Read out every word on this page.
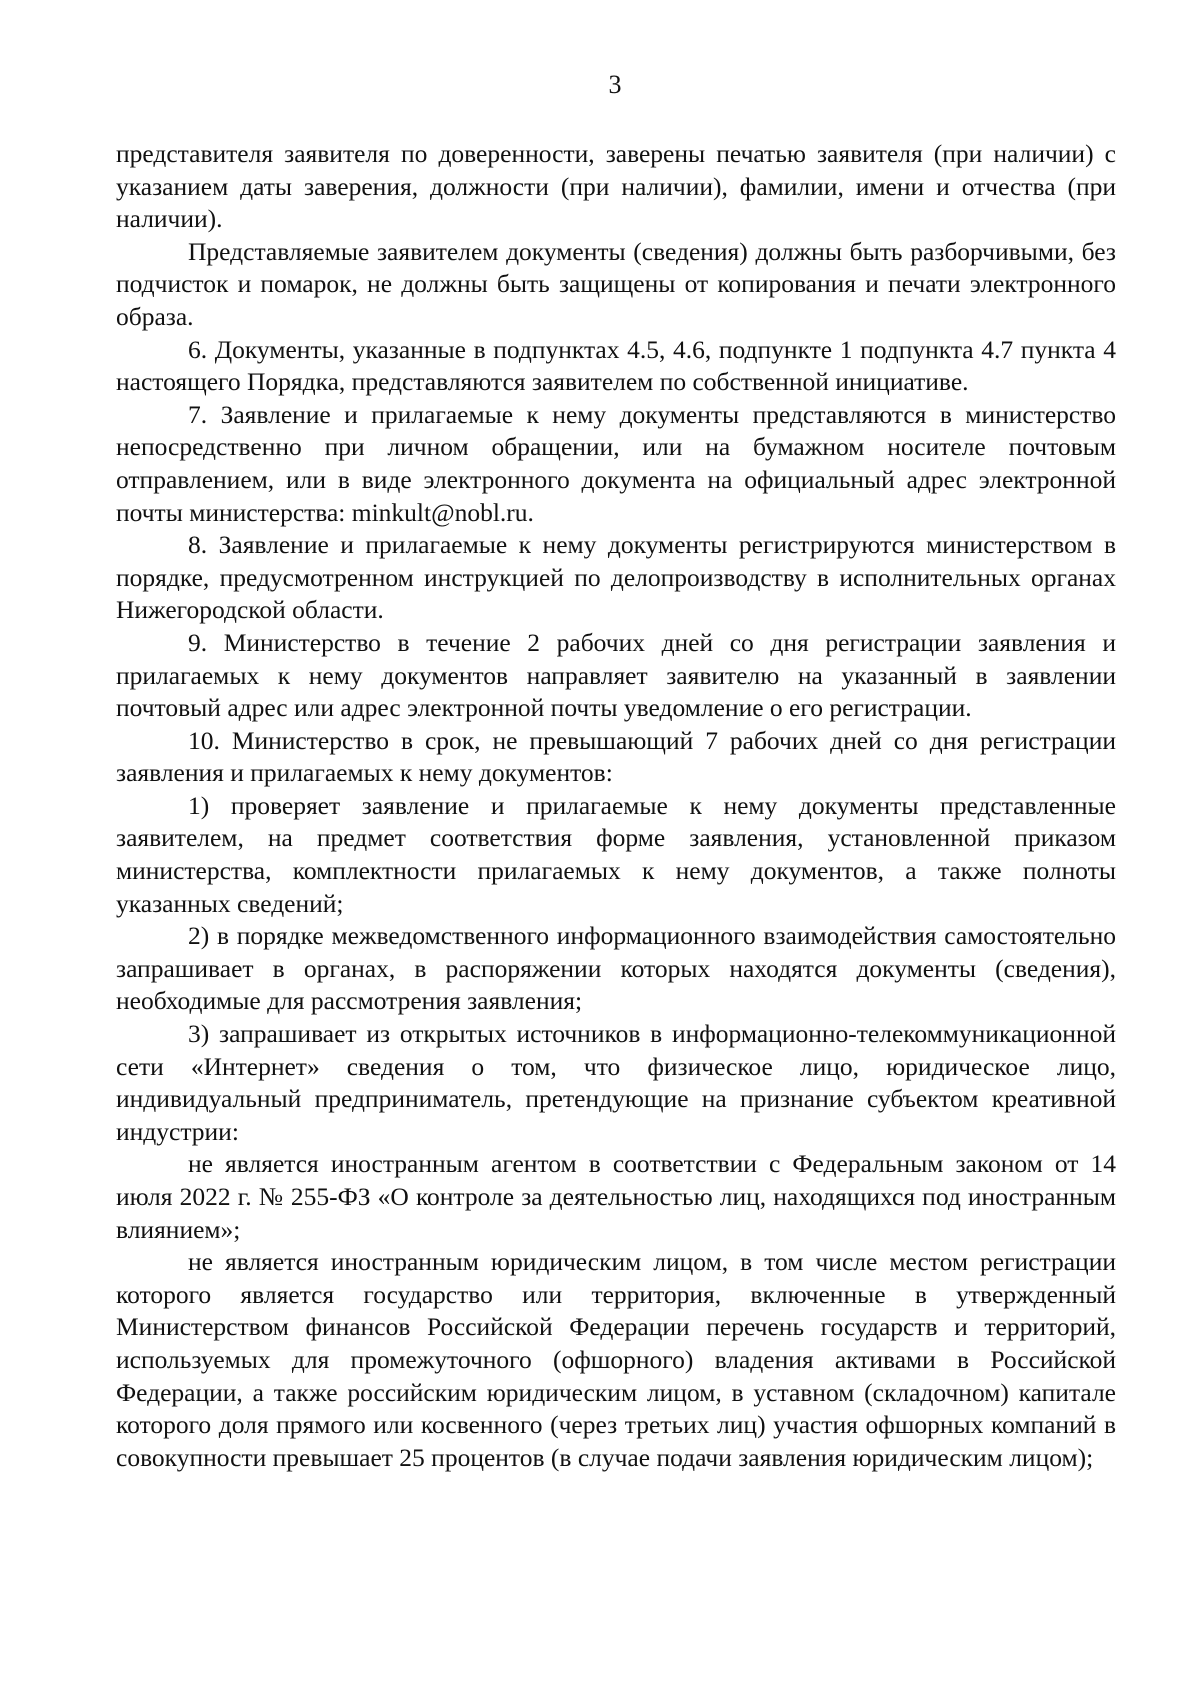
3

представителя заявителя по доверенности, заверены печатью заявителя (при наличии) с указанием даты заверения, должности (при наличии), фамилии, имени и отчества (при наличии).

Представляемые заявителем документы (сведения) должны быть разборчивыми, без подчисток и помарок, не должны быть защищены от копирования и печати электронного образа.

6. Документы, указанные в подпунктах 4.5, 4.6, подпункте 1 подпункта 4.7 пункта 4 настоящего Порядка, представляются заявителем по собственной инициативе.

7. Заявление и прилагаемые к нему документы представляются в министерство непосредственно при личном обращении, или на бумажном носителе почтовым отправлением, или в виде электронного документа на официальный адрес электронной почты министерства: minkult@nobl.ru.

8. Заявление и прилагаемые к нему документы регистрируются министерством в порядке, предусмотренном инструкцией по делопроизводству в исполнительных органах Нижегородской области.

9. Министерство в течение 2 рабочих дней со дня регистрации заявления и прилагаемых к нему документов направляет заявителю на указанный в заявлении почтовый адрес или адрес электронной почты уведомление о его регистрации.

10. Министерство в срок, не превышающий 7 рабочих дней со дня регистрации заявления и прилагаемых к нему документов:

1) проверяет заявление и прилагаемые к нему документы представленные заявителем, на предмет соответствия форме заявления, установленной приказом министерства, комплектности прилагаемых к нему документов, а также полноты указанных сведений;

2) в порядке межведомственного информационного взаимодействия самостоятельно запрашивает в органах, в распоряжении которых находятся документы (сведения), необходимые для рассмотрения заявления;

3) запрашивает из открытых источников в информационно-телекоммуникационной сети «Интернет» сведения о том, что физическое лицо, юридическое лицо, индивидуальный предприниматель, претендующие на признание субъектом креативной индустрии:

не является иностранным агентом в соответствии с Федеральным законом от 14 июля 2022 г. № 255-ФЗ «О контроле за деятельностью лиц, находящихся под иностранным влиянием»;

не является иностранным юридическим лицом, в том числе местом регистрации которого является государство или территория, включенные в утвержденный Министерством финансов Российской Федерации перечень государств и территорий, используемых для промежуточного (офшорного) владения активами в Российской Федерации, а также российским юридическим лицом, в уставном (складочном) капитале которого доля прямого или косвенного (через третьих лиц) участия офшорных компаний в совокупности превышает 25 процентов (в случае подачи заявления юридическим лицом);
